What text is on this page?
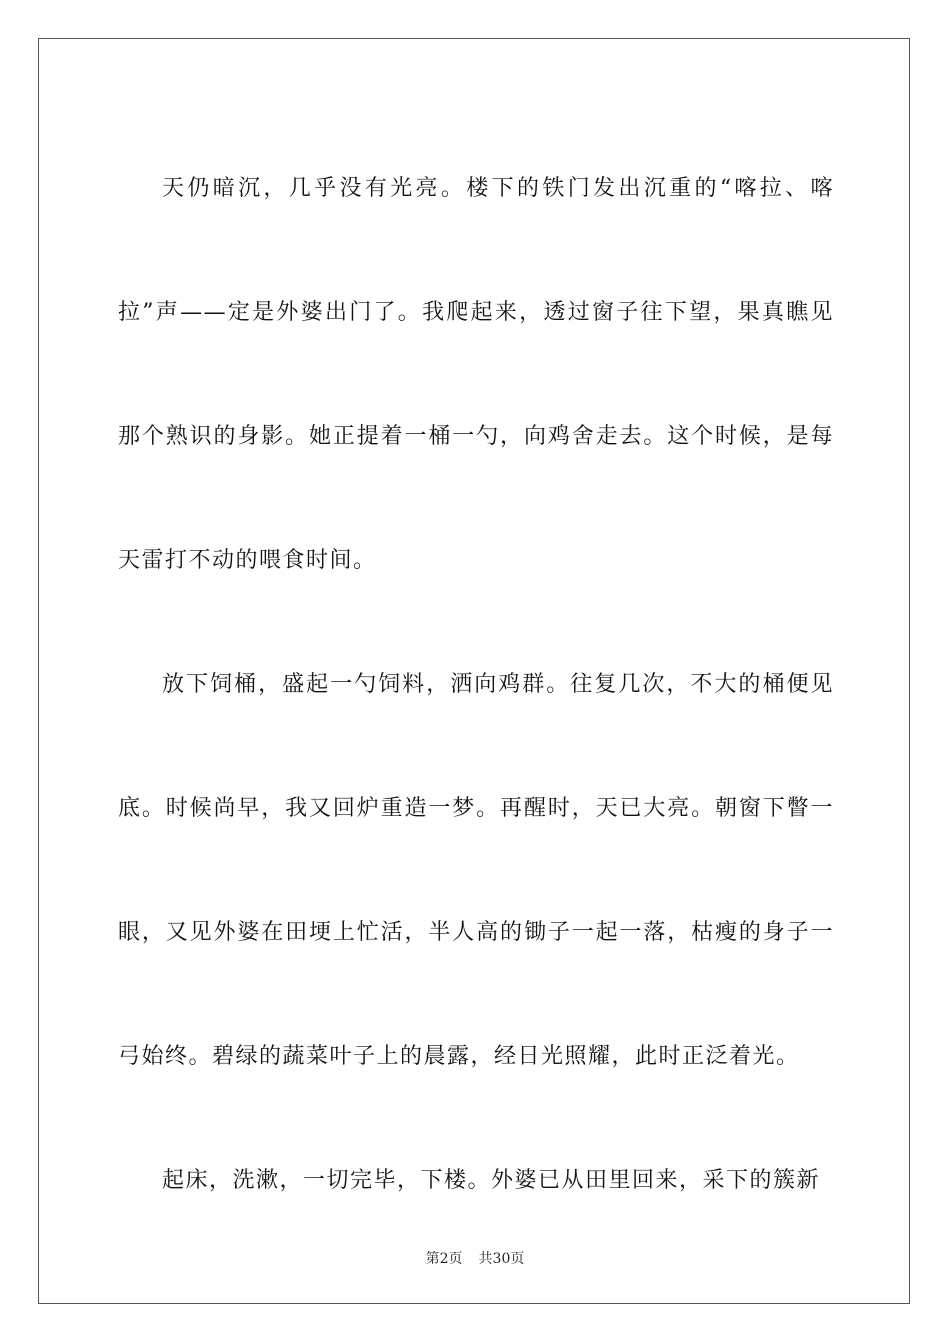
天仍暗沉，几乎没有光亮。楼下的铁门发出沉重的“喀拉、喀拉”声——定是外婆出门了。我爬起来，透过窗子往下望，果真瞧见那个熟识的身影。她正提着一桶一勺，向鸡舍走去。这个时候，是每天雷打不动的喂食时间。

放下饲桶，盛起一勺饲料，洒向鸡群。往复几次，不大的桶便见底。时候尚早，我又回炉重造一梦。再醒时，天已大亮。朝窗下瞥一眼，又见外婆在田埂上忙活，半人高的锄子一起一落，枯瘦的身子一弓始终。碧绿的蔬菜叶子上的晨露，经日光照耀，此时正泛着光。

起床，洗漱，一切完毕，下楼。外婆已从田里回来，采下的簇新

第2页 共30页
